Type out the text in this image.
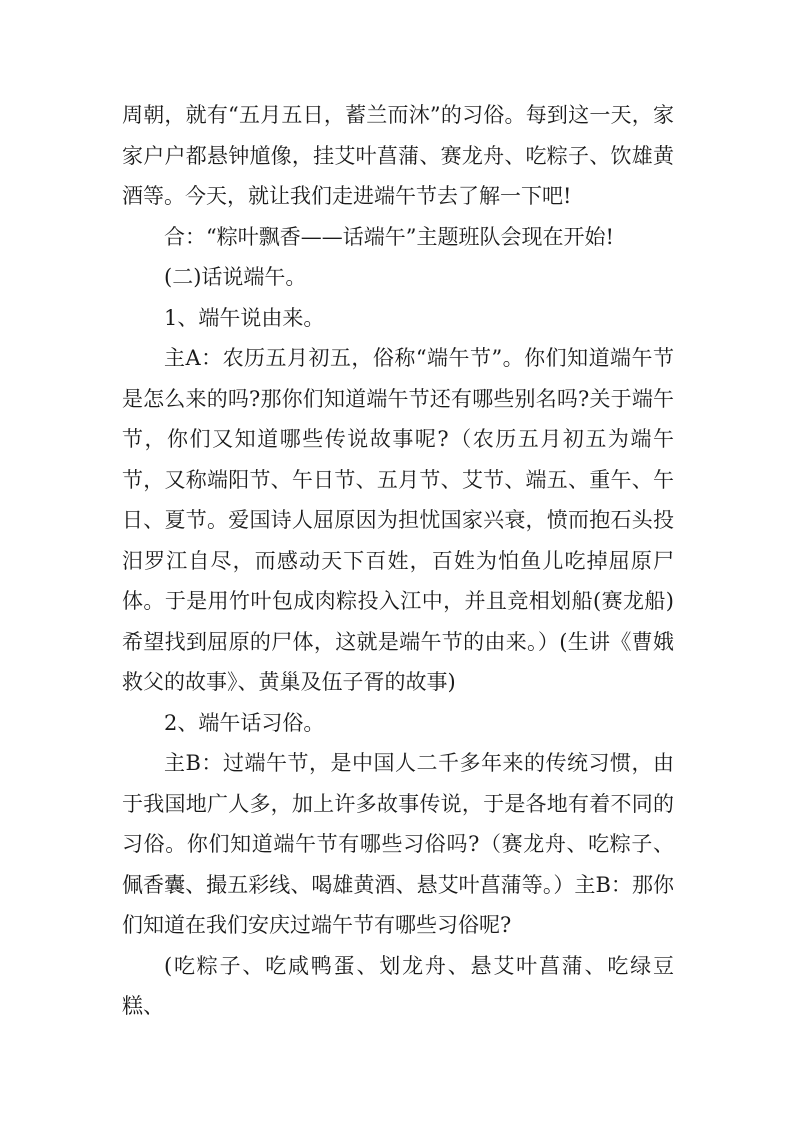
周朝，就有“五月五日，蓄兰而沐”的习俗。每到这一天，家家户户都悬钟馗像，挂艾叶菖蒲、赛龙舟、吃粽子、饮雄黄酒等。今天，就让我们走进端午节去了解一下吧!

合：“粽叶飘香——话端午”主题班队会现在开始!

(二)话说端午。

1、端午说由来。

主A：农历五月初五，俗称“端午节”。你们知道端午节是怎么来的吗?那你们知道端午节还有哪些别名吗?关于端午节，你们又知道哪些传说故事呢?（农历五月初五为端午节，又称端阳节、午日节、五月节、艾节、端五、重午、午日、夏节。爱国诗人屈原因为担忧国家兴衰，愤而抱石头投汨罗江自尽，而感动天下百姓，百姓为怕鱼儿吃掉屈原尸体。于是用竹叶包成肉粽投入江中，并且竞相划船(赛龙船)希望找到屈原的尸体，这就是端午节的由来。）(生讲《曹娥救父的故事》、黄巢及伍子胥的故事)

2、端午话习俗。

主B：过端午节，是中国人二千多年来的传统习惯，由于我国地广人多，加上许多故事传说，于是各地有着不同的习俗。你们知道端午节有哪些习俗吗?（赛龙舟、吃粽子、佩香囊、撮五彩线、喝雄黄酒、悬艾叶菖蒲等。）主B：那你们知道在我们安庆过端午节有哪些习俗呢?

(吃粽子、吃咸鸭蛋、划龙舟、悬艾叶菖蒲、吃绿豆糕、
